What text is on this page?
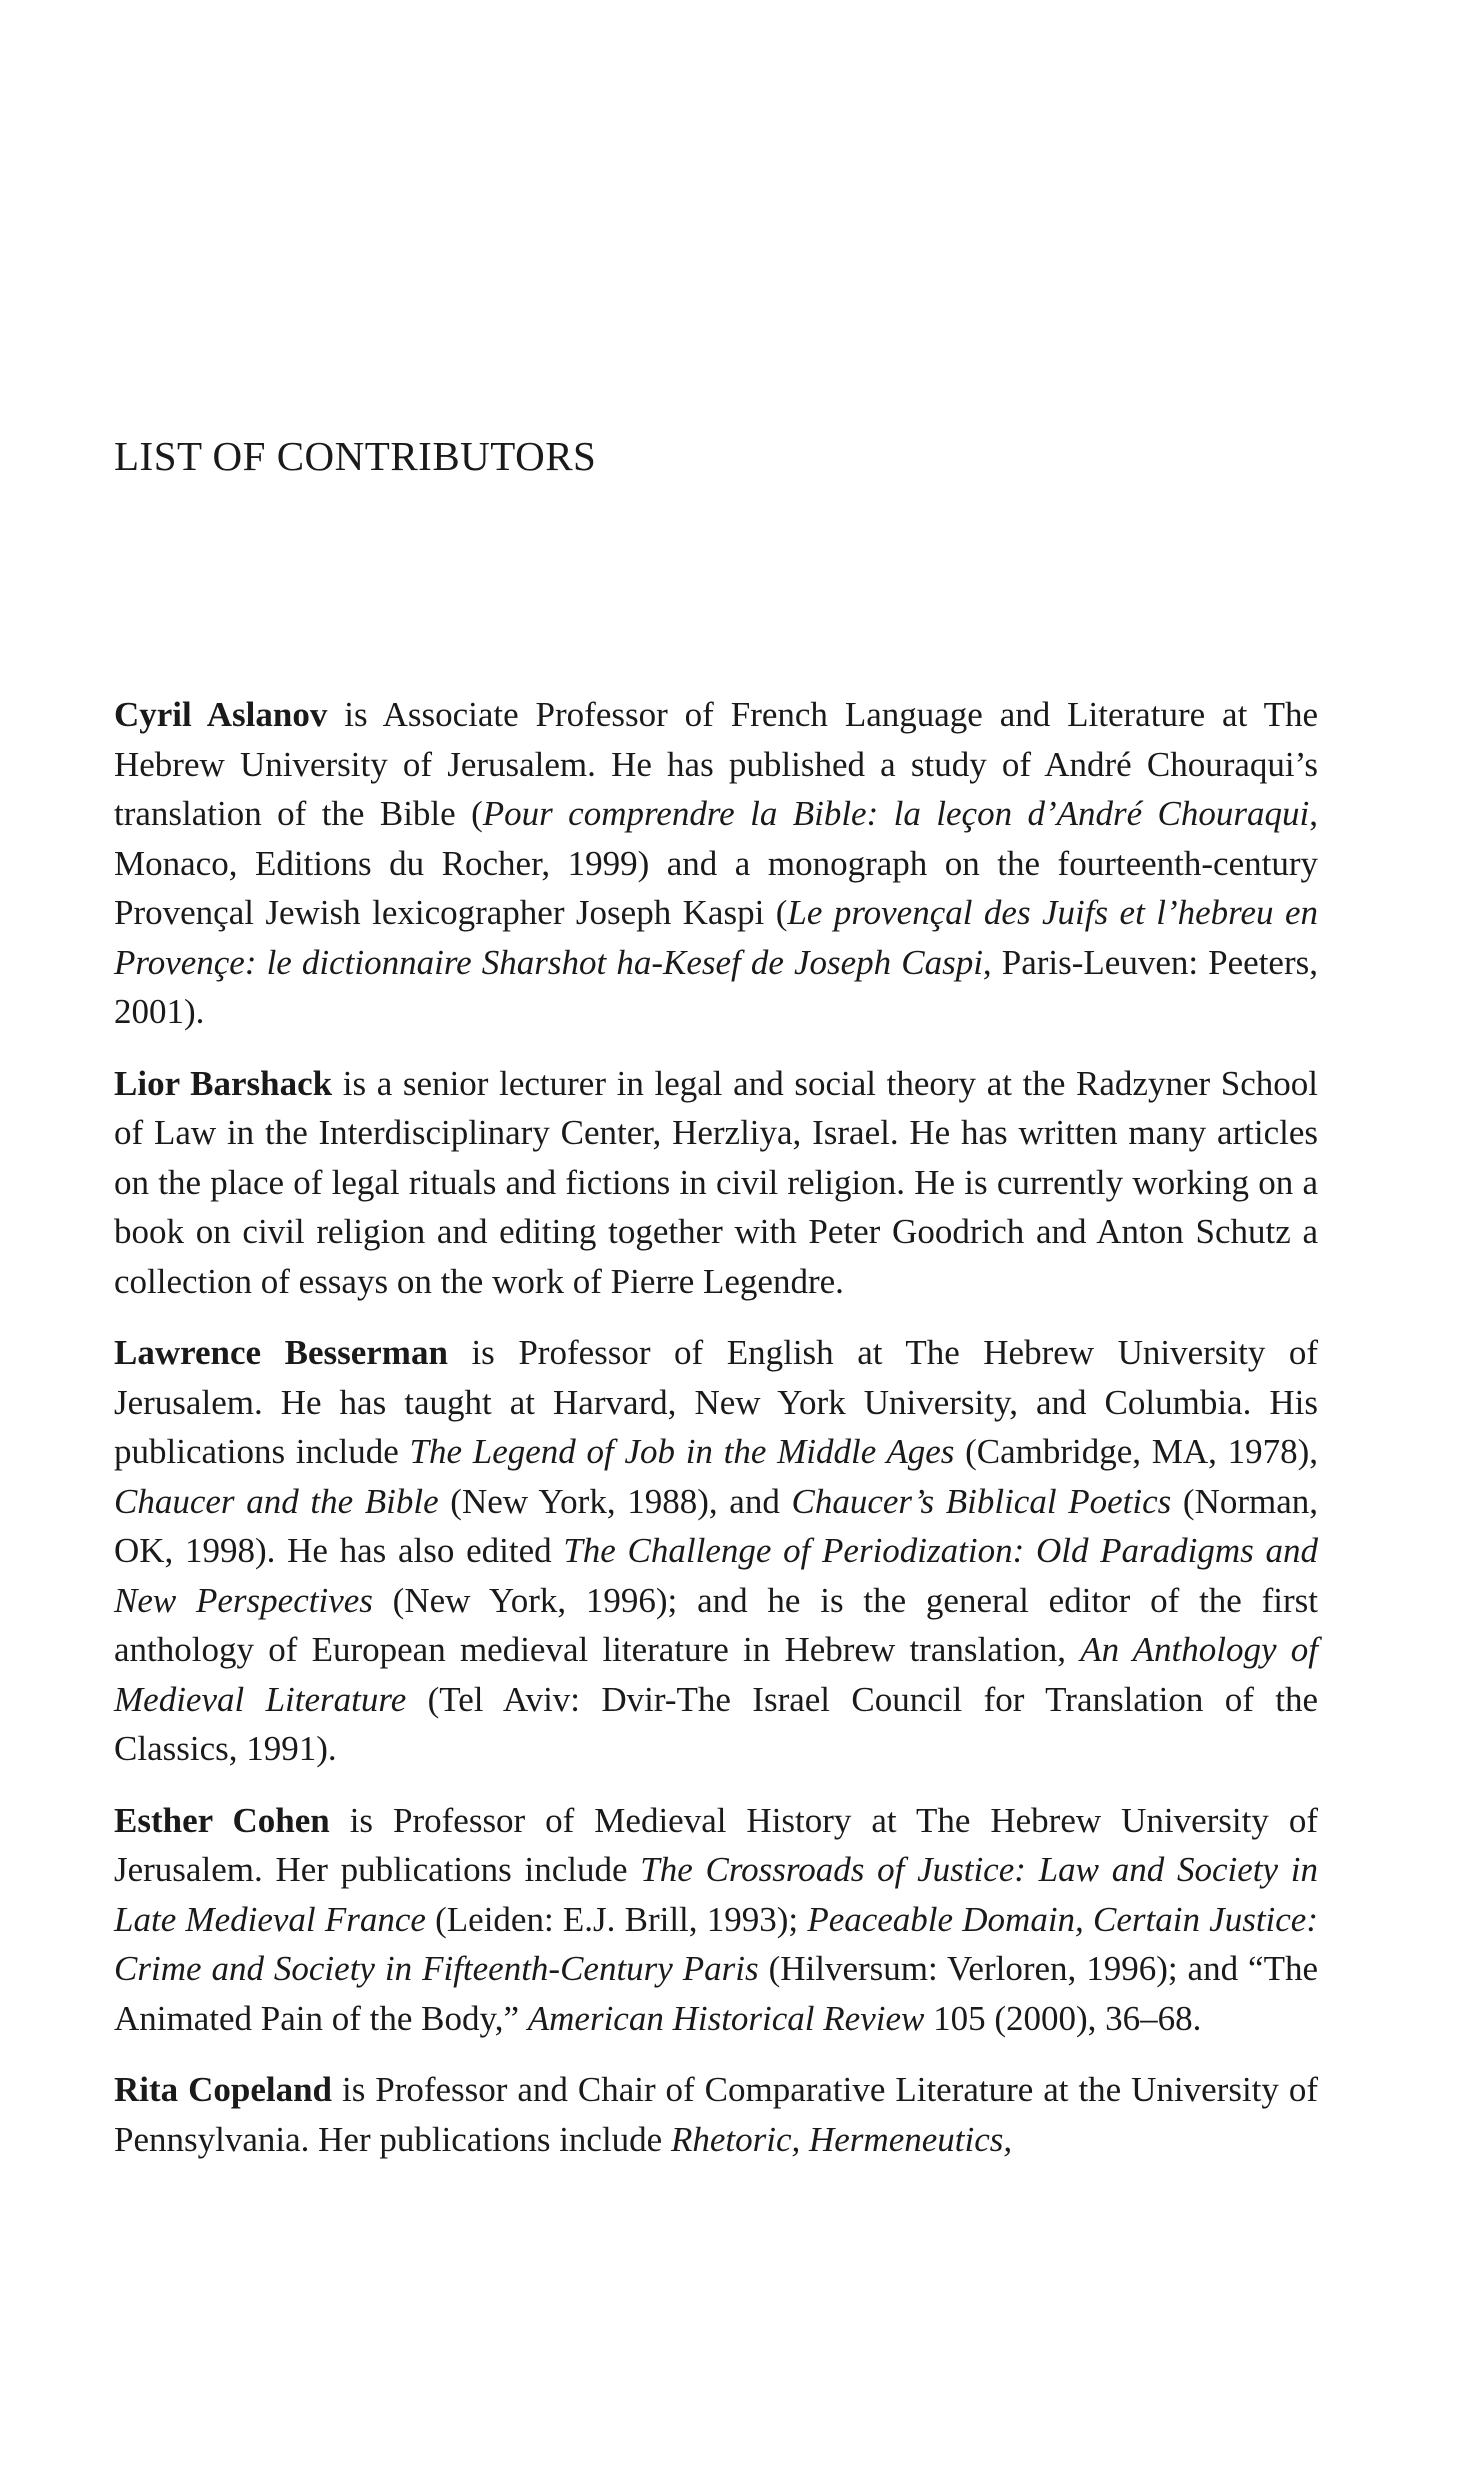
LIST OF CONTRIBUTORS

Cyril Aslanov is Associate Professor of French Language and Literature at The Hebrew University of Jerusalem. He has published a study of André Chouraqui’s translation of the Bible (Pour comprendre la Bible: la leçon d’André Chouraqui, Monaco, Editions du Rocher, 1999) and a monograph on the fourteenth-century Provençal Jewish lexicographer Joseph Kaspi (Le provençal des Juifs et l’hebreu en Provençe: le dictionnaire Sharshot ha-Kesef de Joseph Caspi, Paris-Leuven: Peeters, 2001).

Lior Barshack is a senior lecturer in legal and social theory at the Radzyner School of Law in the Interdisciplinary Center, Herzliya, Israel. He has written many articles on the place of legal rituals and fictions in civil religion. He is currently working on a book on civil religion and editing together with Peter Goodrich and Anton Schutz a collection of essays on the work of Pierre Legendre.

Lawrence Besserman is Professor of English at The Hebrew University of Jerusalem. He has taught at Harvard, New York University, and Columbia. His publications include The Legend of Job in the Middle Ages (Cambridge, MA, 1978), Chaucer and the Bible (New York, 1988), and Chaucer’s Biblical Poetics (Norman, OK, 1998). He has also edited The Challenge of Periodization: Old Paradigms and New Perspectives (New York, 1996); and he is the general editor of the first anthology of European medieval literature in Hebrew translation, An Anthology of Medieval Literature (Tel Aviv: Dvir-The Israel Council for Translation of the Classics, 1991).

Esther Cohen is Professor of Medieval History at The Hebrew University of Jerusalem. Her publications include The Crossroads of Justice: Law and Society in Late Medieval France (Leiden: E.J. Brill, 1993); Peaceable Domain, Certain Justice: Crime and Society in Fifteenth-Century Paris (Hilversum: Verloren, 1996); and “The Animated Pain of the Body,” American Historical Review 105 (2000), 36–68.

Rita Copeland is Professor and Chair of Comparative Literature at the University of Pennsylvania. Her publications include Rhetoric, Hermeneutics,
